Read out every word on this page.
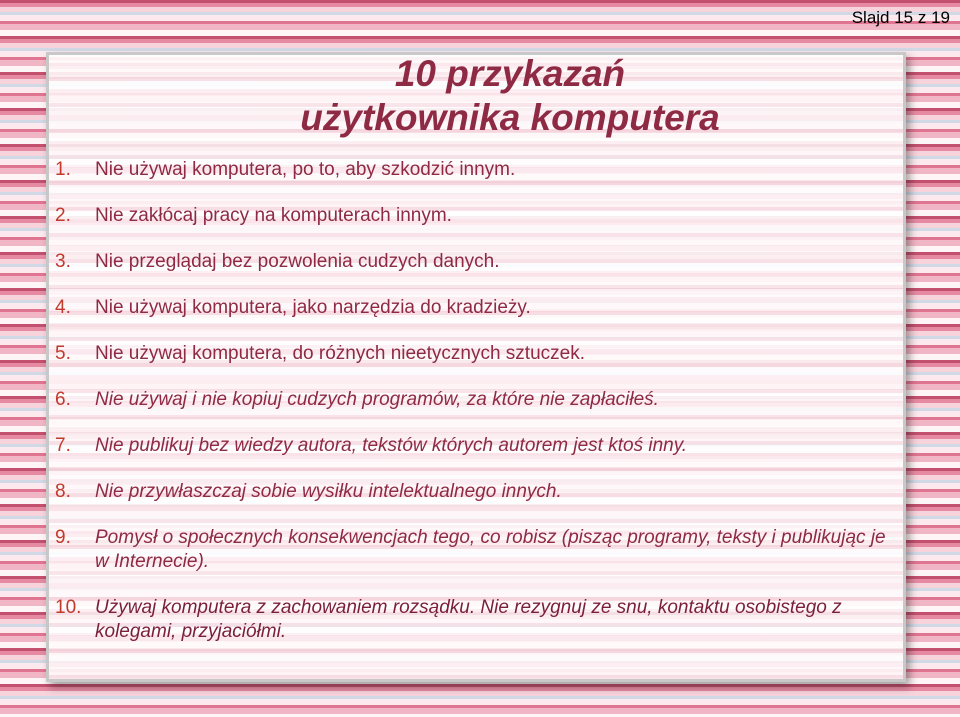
Slajd 15 z 19
10 przykazań
użytkownika komputera
1.	Nie używaj komputera, po to, aby szkodzić innym.
2.	Nie zakłócaj pracy na komputerach innym.
3.	Nie przeglądaj bez pozwolenia cudzych danych.
4.	Nie używaj komputera, jako narzędzia do kradzieży.
5.	Nie używaj komputera, do różnych nieetycznych sztuczek.
6.	Nie używaj i nie kopiuj cudzych programów, za które nie zapłaciłeś.
7.	Nie publikuj bez wiedzy autora, tekstów których autorem jest ktoś inny.
8.	Nie przywłaszczaj sobie wysiłku intelektualnego innych.
9.	Pomysł o społecznych konsekwencjach tego, co robisz (pisząc programy, teksty i publikując je w Internecie).
10. Używaj komputera z zachowaniem rozsądku. Nie rezygnuj ze snu, kontaktu osobistego z kolegami, przyjaciółmi.
